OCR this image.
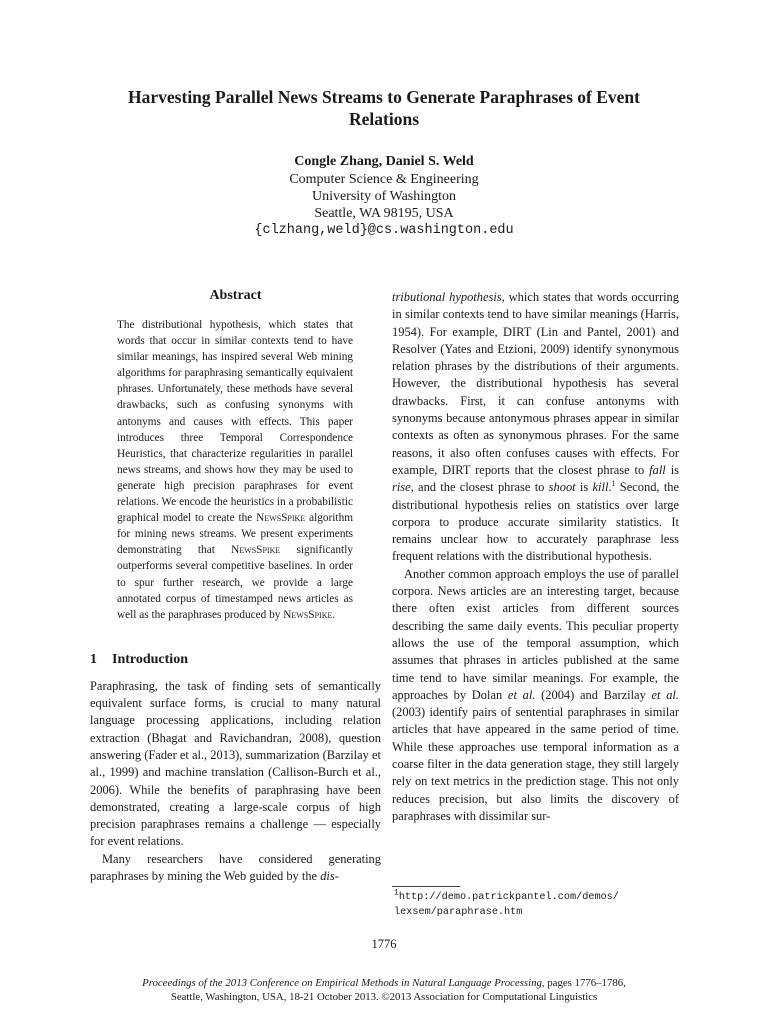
Harvesting Parallel News Streams to Generate Paraphrases of Event Relations
Congle Zhang, Daniel S. Weld
Computer Science & Engineering
University of Washington
Seattle, WA 98195, USA
{clzhang,weld}@cs.washington.edu
Abstract
The distributional hypothesis, which states that words that occur in similar contexts tend to have similar meanings, has inspired several Web mining algorithms for paraphrasing semantically equivalent phrases. Unfortunately, these methods have several drawbacks, such as confusing synonyms with antonyms and causes with effects. This paper introduces three Temporal Correspondence Heuristics, that characterize regularities in parallel news streams, and shows how they may be used to generate high precision paraphrases for event relations. We encode the heuristics in a probabilistic graphical model to create the NewsSpike algorithm for mining news streams. We present experiments demonstrating that NewsSpike significantly outperforms several competitive baselines. In order to spur further research, we provide a large annotated corpus of timestamped news articles as well as the paraphrases produced by NewsSpike.
1 Introduction

Paraphrasing, the task of finding sets of semantically equivalent surface forms, is crucial to many natural language processing applications, including relation extraction (Bhagat and Ravichandran, 2008), question answering (Fader et al., 2013), summarization (Barzilay et al., 1999) and machine translation (Callison-Burch et al., 2006). While the benefits of paraphrasing have been demonstrated, creating a large-scale corpus of high precision paraphrases remains a challenge — especially for event relations.

Many researchers have considered generating paraphrases by mining the Web guided by the dis-

tributional hypothesis, which states that words occurring in similar contexts tend to have similar meanings (Harris, 1954). For example, DIRT (Lin and Pantel, 2001) and Resolver (Yates and Etzioni, 2009) identify synonymous relation phrases by the distributions of their arguments. However, the distributional hypothesis has several drawbacks. First, it can confuse antonyms with synonyms because antonymous phrases appear in similar contexts as often as synonymous phrases. For the same reasons, it also often confuses causes with effects. For example, DIRT reports that the closest phrase to fall is rise, and the closest phrase to shoot is kill.$^1$ Second, the distributional hypothesis relies on statistics over large corpora to produce accurate similarity statistics. It remains unclear how to accurately paraphrase less frequent relations with the distributional hypothesis.

Another common approach employs the use of parallel corpora. News articles are an interesting target, because there often exist articles from different sources describing the same daily events. This peculiar property allows the use of the temporal assumption, which assumes that phrases in articles published at the same time tend to have similar meanings. For example, the approaches by Dolan et al. (2004) and Barzilay et al. (2003) identify pairs of sentential paraphrases in similar articles that have appeared in the same period of time. While these approaches use temporal information as a coarse filter in the data generation stage, they still largely rely on text metrics in the prediction stage. This not only reduces precision, but also limits the discovery of paraphrases with dissimilar sur-

$^1$http://demo.patrickpantel.com/demos/
lexsem/paraphrase.htm
1776
Proceedings of the 2013 Conference on Empirical Methods in Natural Language Processing, pages 1776–1786,
Seattle, Washington, USA, 18-21 October 2013. ©2013 Association for Computational Linguistics
